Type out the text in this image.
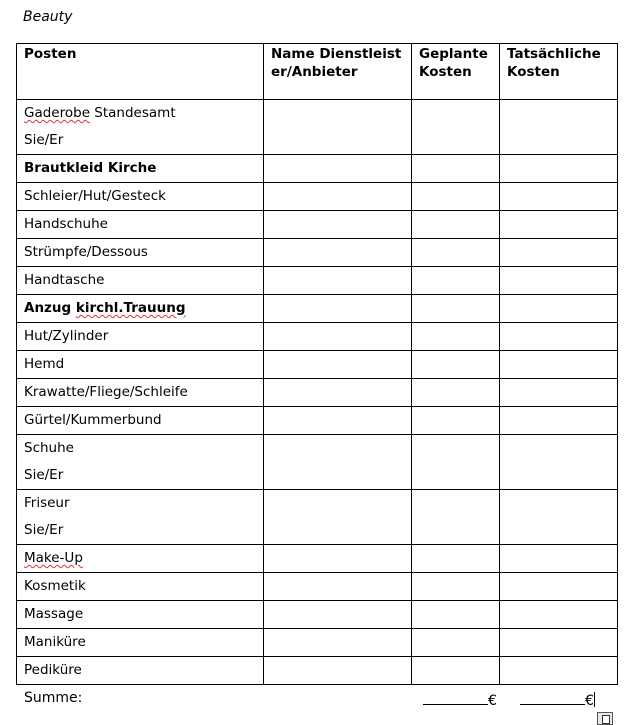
Beauty
Posten	Name Dienstleister/Anbieter	Geplante Kosten	Tatsächliche Kosten

Gaderobe Standesamt
Sie/Er			

Brautkleid Kirche			
Schleier/Hut/Gesteck			
Handschuhe			
Strümpfe/Dessous			
Handtasche			
Anzug kirchl.Trauung			
Hut/Zylinder			
Hemd			
Krawatte/Fliege/Schleife			
Gürtel/Kummerbund			

Schuhe
Sie/Er			

Friseur
Sie/Er			

Make-Up			
Kosmetik			
Massage			
Maniküre			
Pediküre			
Summe:	€	€
